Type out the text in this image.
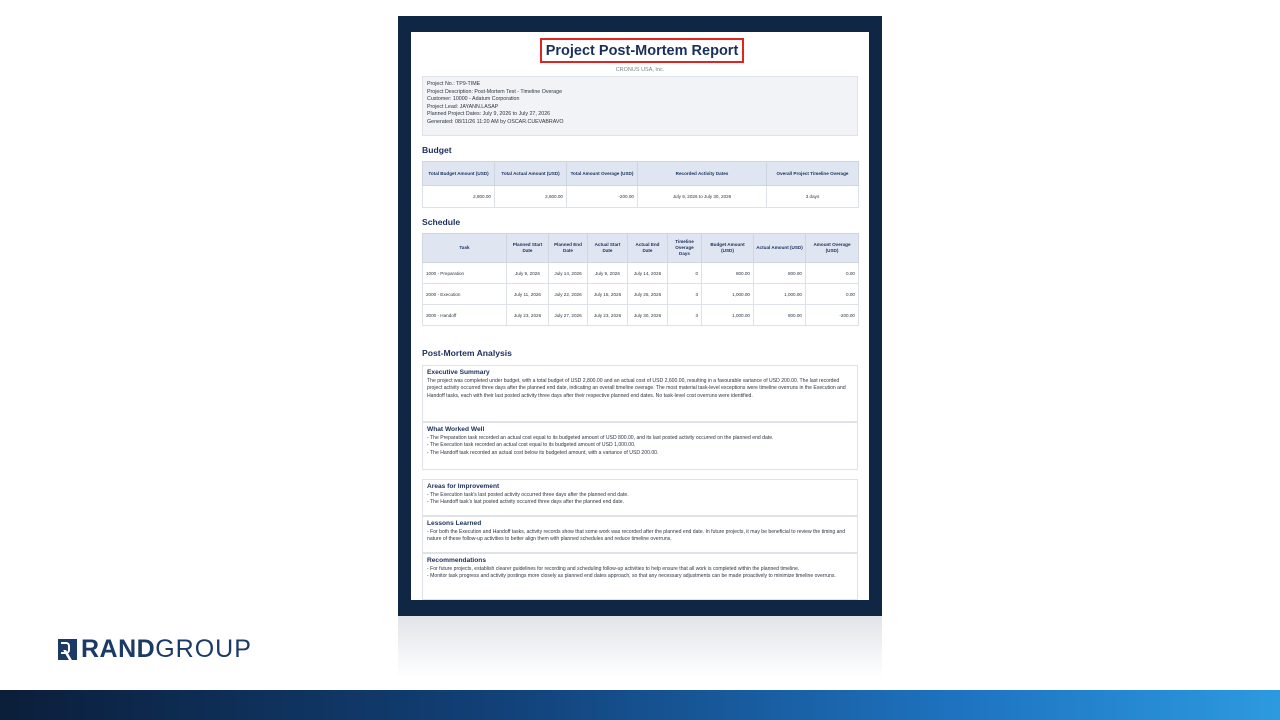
Project Post-Mortem Report
CRONUS USA, Inc.
Project No.: TP9-TIME
Project Description: Post-Mortem Test - Timeline Overage
Customer: 10000 - Adatum Corporation
Project Lead: JAYANN.LASAP
Planned Project Dates: July 9, 2026 to July 27, 2026
Generated: 08/11/26 11:20 AM by OSCAR.CUEVABRAVO
Budget
Total Budget Amount (USD)	Total Actual Amount (USD)	Total Amount Overage (USD)	Recorded Activity Dates	Overall Project Timeline Overage
2,800.00	2,600.00	-200.00	July 9, 2026 to July 30, 2026	3 days
Schedule
Task	Planned Start Date	Planned End Date	Actual Start Date	Actual End Date	Timeline Overage Days	Budget Amount (USD)	Actual Amount (USD)	Amount Overage (USD)
1000 - Preparation	July 9, 2026	July 14, 2026	July 9, 2026	July 14, 2026	0	800.00	800.00	0.00
2000 - Execution	July 11, 2026	July 22, 2026	July 15, 2026	July 25, 2026	3	1,000.00	1,000.00	0.00
3000 - Handoff	July 23, 2026	July 27, 2026	July 23, 2026	July 30, 2026	3	1,000.00	800.00	-200.00
Post-Mortem Analysis
Executive Summary
The project was completed under budget, with a total budget of USD 2,800.00 and an actual cost of USD 2,600.00, resulting in a favourable variance of USD 200.00. The last recorded project activity occurred three days after the planned end date, indicating an overall timeline overage. The most material task-level exceptions were timeline overruns in the Execution and Handoff tasks, each with their last posted activity three days after their respective planned end dates. No task-level cost overruns were identified.
What Worked Well
- The Preparation task recorded an actual cost equal to its budgeted amount of USD 800.00, and its last posted activity occurred on the planned end date.
- The Execution task recorded an actual cost equal to its budgeted amount of USD 1,000.00.
- The Handoff task recorded an actual cost below its budgeted amount, with a variance of USD 200.00.
Areas for Improvement
- The Execution task's last posted activity occurred three days after the planned end date.
- The Handoff task's last posted activity occurred three days after the planned end date.
Lessons Learned
- For both the Execution and Handoff tasks, activity records show that some work was recorded after the planned end date. In future projects, it may be beneficial to review the timing and nature of these follow-up activities to better align them with planned schedules and reduce timeline overruns.
Recommendations
- For future projects, establish clearer guidelines for recording and scheduling follow-up activities to help ensure that all work is completed within the planned timeline.
- Monitor task progress and activity postings more closely as planned end dates approach, so that any necessary adjustments can be made proactively to minimize timeline overruns.
RAND GROUP
